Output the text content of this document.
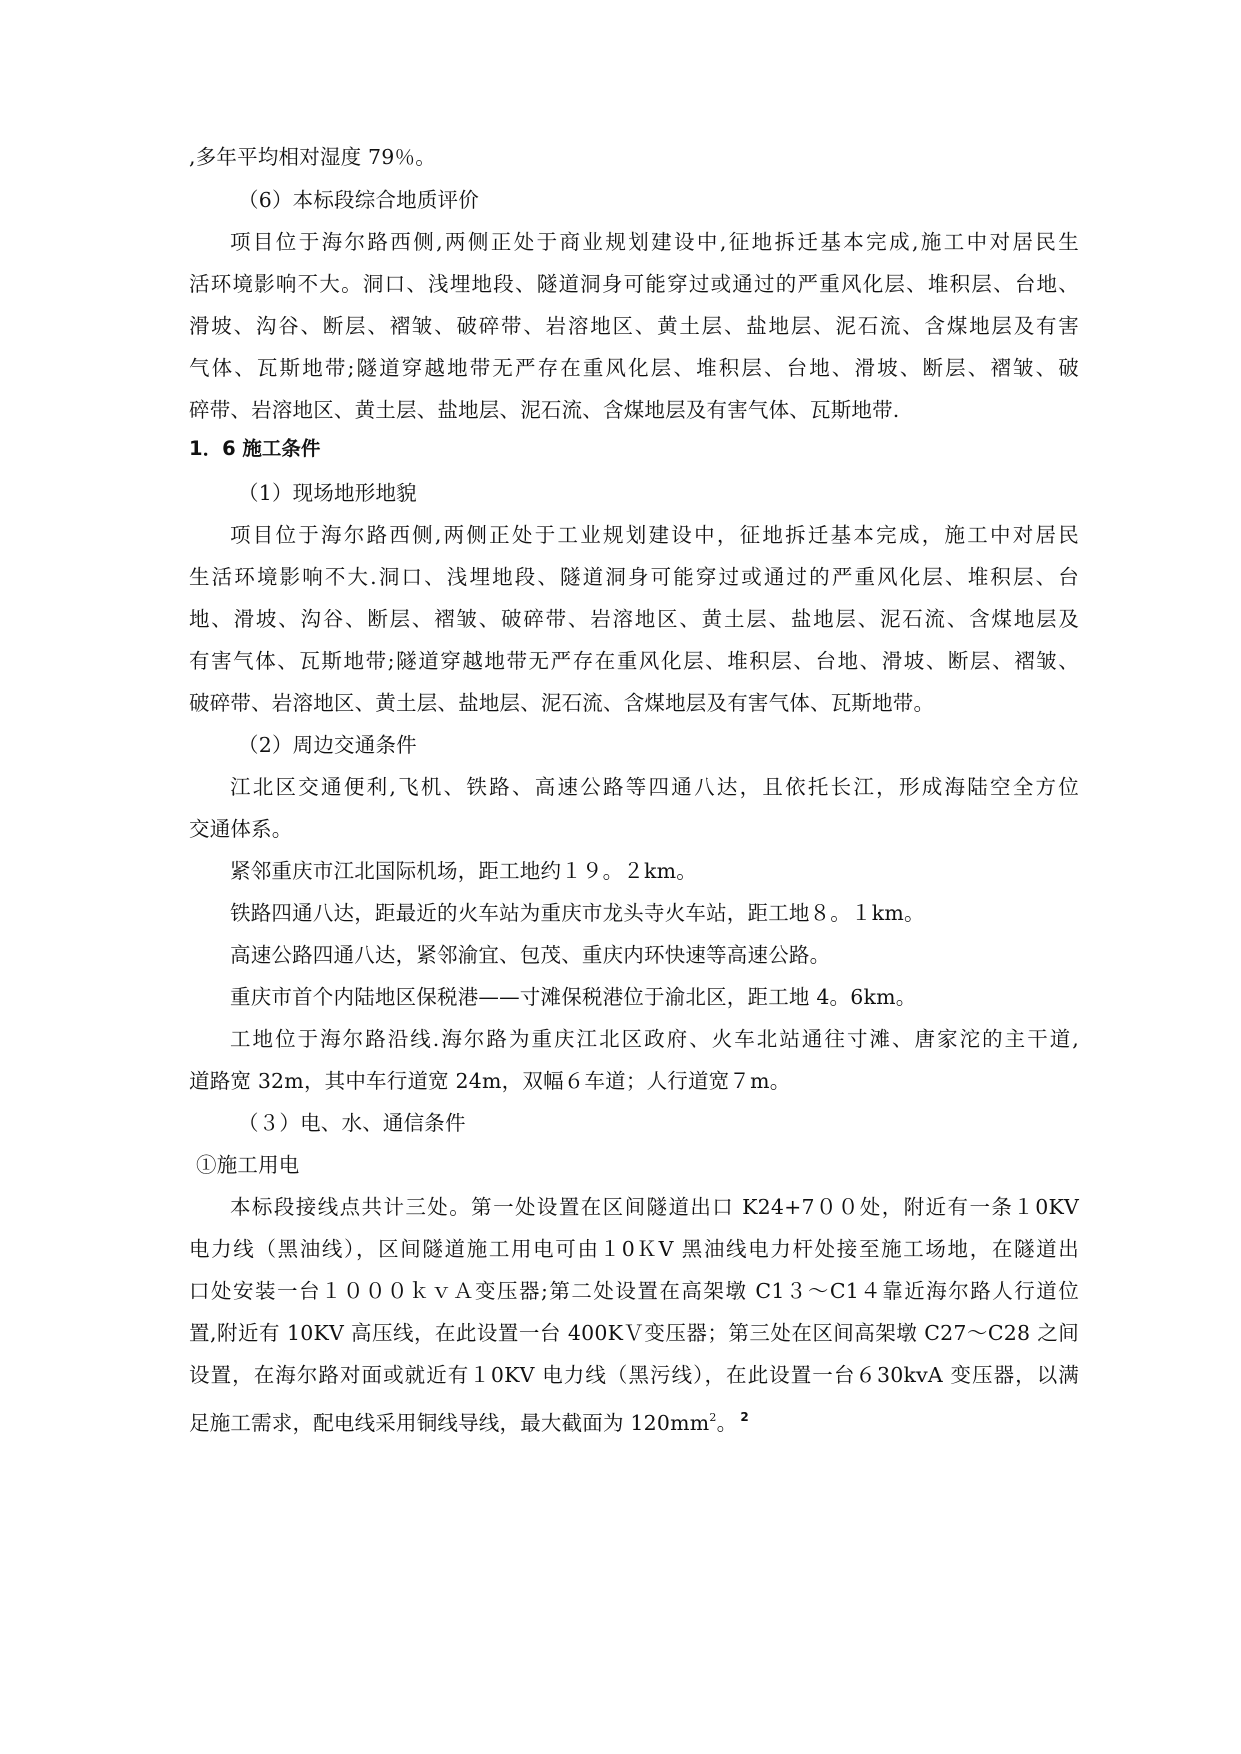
,多年平均相对湿度 79％。
（6）本标段综合地质评价
项目位于海尔路西侧,两侧正处于商业规划建设中,征地拆迁基本完成,施工中对居民生
活环境影响不大。洞口、浅埋地段、隧道洞身可能穿过或通过的严重风化层、堆积层、台地、
滑坡、沟谷、断层、褶皱、破碎带、岩溶地区、黄土层、盐地层、泥石流、含煤地层及有害
气体、瓦斯地带;隧道穿越地带无严存在重风化层、堆积层、台地、滑坡、断层、褶皱、破
碎带、岩溶地区、黄土层、盐地层、泥石流、含煤地层及有害气体、瓦斯地带.
1．6 施工条件
（1）现场地形地貌
项目位于海尔路西侧,两侧正处于工业规划建设中，征地拆迁基本完成，施工中对居民
生活环境影响不大.洞口、浅埋地段、隧道洞身可能穿过或通过的严重风化层、堆积层、台
地、滑坡、沟谷、断层、褶皱、破碎带、岩溶地区、黄土层、盐地层、泥石流、含煤地层及
有害气体、瓦斯地带;隧道穿越地带无严存在重风化层、堆积层、台地、滑坡、断层、褶皱、
破碎带、岩溶地区、黄土层、盐地层、泥石流、含煤地层及有害气体、瓦斯地带。
（2）周边交通条件
江北区交通便利,飞机、铁路、高速公路等四通八达，且依托长江，形成海陆空全方位
交通体系。
紧邻重庆市江北国际机场，距工地约１９。２km。
铁路四通八达，距最近的火车站为重庆市龙头寺火车站，距工地８。１km。
高速公路四通八达，紧邻渝宜、包茂、重庆内环快速等高速公路。
重庆市首个内陆地区保税港——寸滩保税港位于渝北区，距工地 4。6km。
工地位于海尔路沿线.海尔路为重庆江北区政府、火车北站通往寸滩、唐家沱的主干道,
道路宽 32m，其中车行道宽 24m，双幅６车道；人行道宽７m。
（３）电、水、通信条件
①施工用电
本标段接线点共计三处。第一处设置在区间隧道出口 K24+7００处，附近有一条１0KV
电力线（黑油线），区间隧道施工用电可由１0ＫV 黑油线电力杆处接至施工场地，在隧道出
口处安装一台１０００ｋｖＡ变压器;第二处设置在高架墩 C1３～C1４靠近海尔路人行道位
置,附近有 10KV 高压线，在此设置一台 400KＶ变压器；第三处在区间高架墩 C27～C28 之间
设置，在海尔路对面或就近有１0KV 电力线（黑污线），在此设置一台６30kvA 变压器，以满
足施工需求，配电线采用铜线导线，最大截面为 $120mm^2$。 $^2$
